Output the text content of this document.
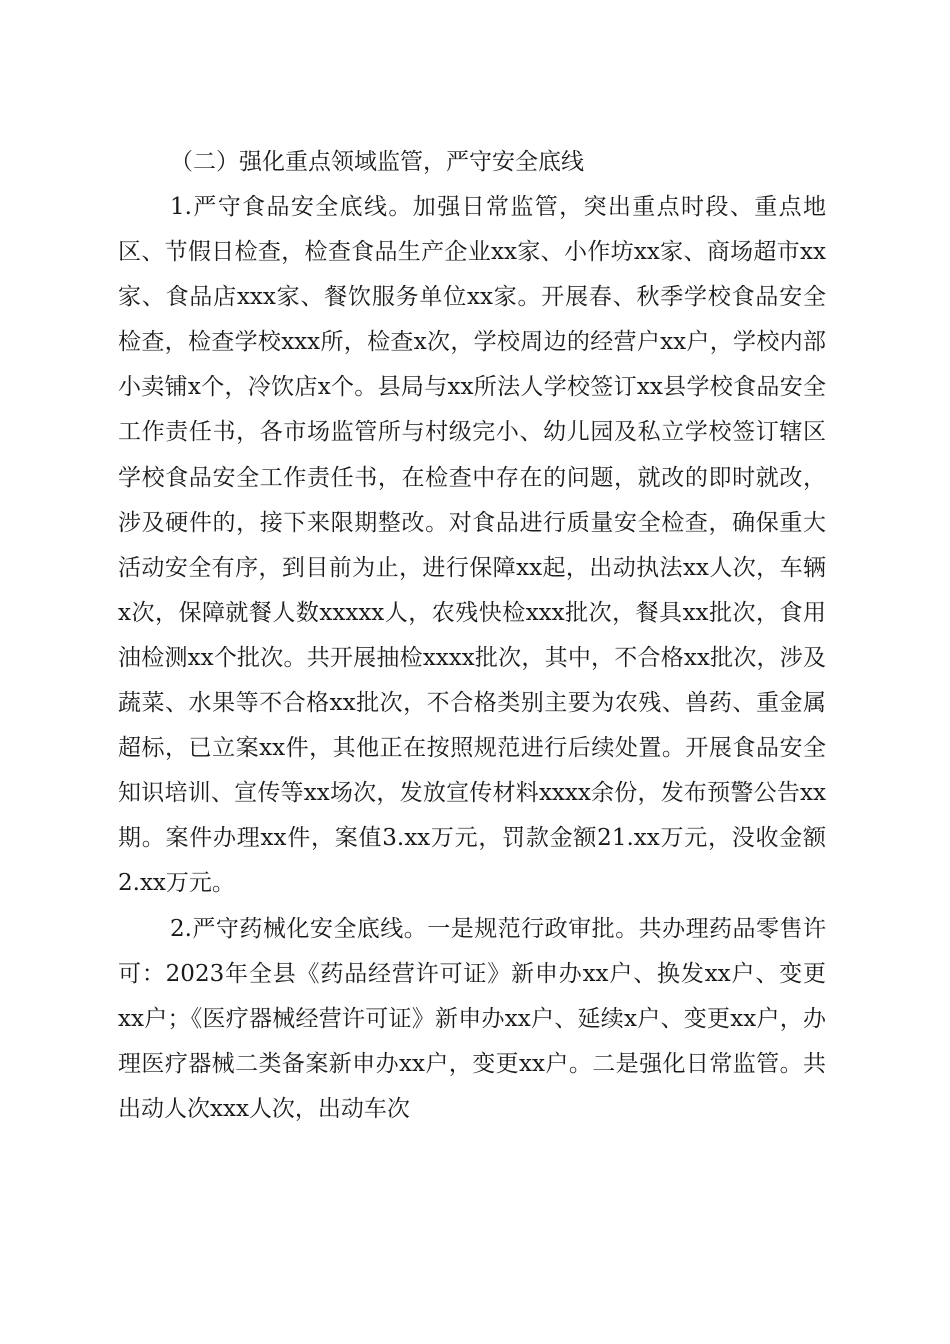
（二）强化重点领域监管，严守安全底线

1.严守食品安全底线。加强日常监管，突出重点时段、重点地区、节假日检查，检查食品生产企业xx家、小作坊xx家、商场超市xx家、食品店xxx家、餐饮服务单位xx家。开展春、秋季学校食品安全检查，检查学校xxx所，检查x次，学校周边的经营户xx户，学校内部小卖铺x个，冷饮店x个。县局与xx所法人学校签订xx县学校食品安全工作责任书，各市场监管所与村级完小、幼儿园及私立学校签订辖区学校食品安全工作责任书，在检查中存在的问题，就改的即时就改，涉及硬件的，接下来限期整改。对食品进行质量安全检查，确保重大活动安全有序，到目前为止，进行保障xx起，出动执法xx人次，车辆x次，保障就餐人数xxxxx人，农残快检xxx批次，餐具xx批次，食用油检测xx个批次。共开展抽检xxxx批次，其中，不合格xx批次，涉及蔬菜、水果等不合格xx批次，不合格类别主要为农残、兽药、重金属超标，已立案xx件，其他正在按照规范进行后续处置。开展食品安全知识培训、宣传等xx场次，发放宣传材料xxxx余份，发布预警公告xx期。案件办理xx件，案值3.xx万元，罚款金额21.xx万元，没收金额2.xx万元。

2.严守药械化安全底线。一是规范行政审批。共办理药品零售许可：2023年全县《药品经营许可证》新申办xx户、换发xx户、变更xx户；《医疗器械经营许可证》新申办xx户、延续x户、变更xx户，办理医疗器械二类备案新申办xx户，变更xx户。二是强化日常监管。共出动人次xxx人次，出动车次
